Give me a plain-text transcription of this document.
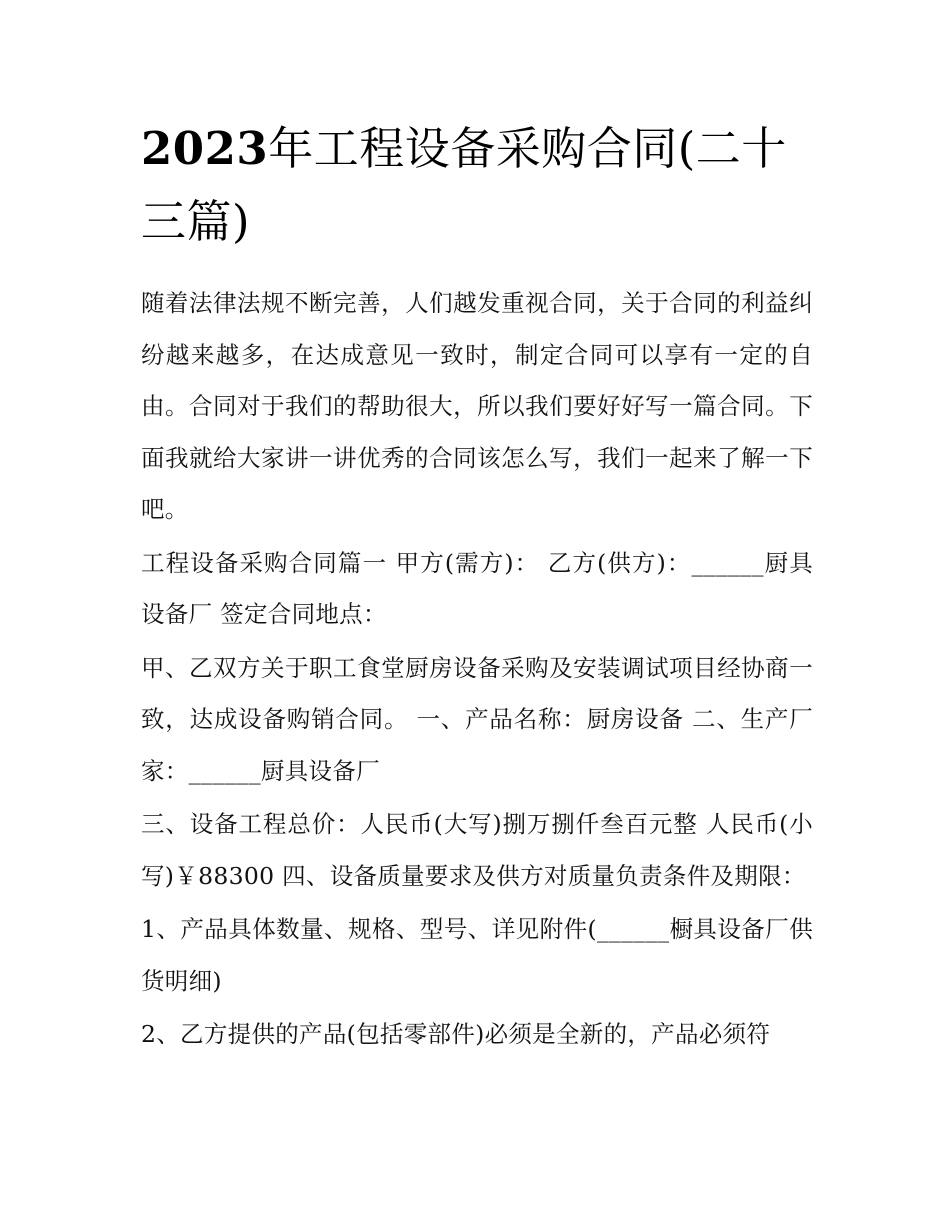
2023年工程设备采购合同(二十三篇)

随着法律法规不断完善，人们越发重视合同，关于合同的利益纠纷越来越多，在达成意见一致时，制定合同可以享有一定的自由。合同对于我们的帮助很大，所以我们要好好写一篇合同。下面我就给大家讲一讲优秀的合同该怎么写，我们一起来了解一下吧。

工程设备采购合同篇一 甲方(需方)： 乙方(供方)：______厨具设备厂 签定合同地点：

甲、乙双方关于职工食堂厨房设备采购及安装调试项目经协商一致，达成设备购销合同。 一、产品名称：厨房设备 二、生产厂家：______厨具设备厂

三、设备工程总价：人民币(大写)捌万捌仟叁百元整 人民币(小写)￥88300 四、设备质量要求及供方对质量负责条件及期限：

1、产品具体数量、规格、型号、详见附件(______橱具设备厂供货明细)

2、乙方提供的产品(包括零部件)必须是全新的，产品必须符
